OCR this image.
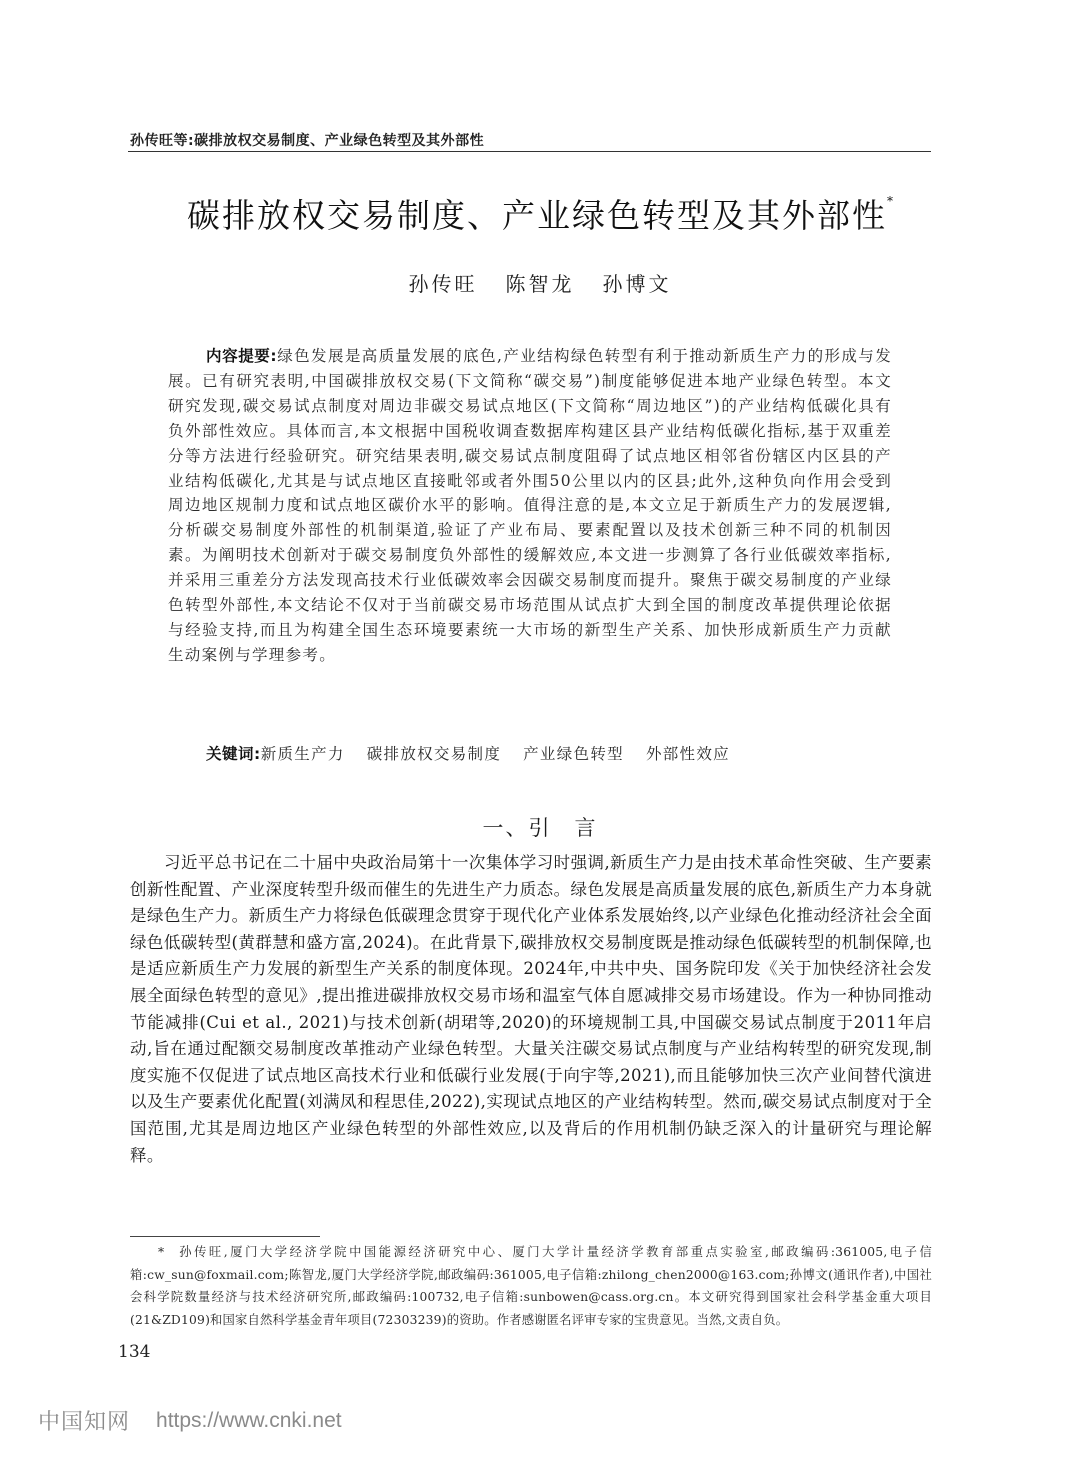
孙传旺等:碳排放权交易制度、产业绿色转型及其外部性
碳排放权交易制度、产业绿色转型及其外部性*
孙传旺 陈智龙 孙博文
内容提要:绿色发展是高质量发展的底色,产业结构绿色转型有利于推动新质生产力的形成与发展。已有研究表明,中国碳排放权交易(下文简称“碳交易”)制度能够促进本地产业绿色转型。本文研究发现,碳交易试点制度对周边非碳交易试点地区(下文简称“周边地区”)的产业结构低碳化具有负外部性效应。具体而言,本文根据中国税收调查数据库构建区县产业结构低碳化指标,基于双重差分等方法进行经验研究。研究结果表明,碳交易试点制度阻碍了试点地区相邻省份辖区内区县的产业结构低碳化,尤其是与试点地区直接毗邻或者外围50公里以内的区县;此外,这种负向作用会受到周边地区规制力度和试点地区碳价水平的影响。值得注意的是,本文立足于新质生产力的发展逻辑,分析碳交易制度外部性的机制渠道,验证了产业布局、要素配置以及技术创新三种不同的机制因素。为阐明技术创新对于碳交易制度负外部性的缓解效应,本文进一步测算了各行业低碳效率指标,并采用三重差分方法发现高技术行业低碳效率会因碳交易制度而提升。聚焦于碳交易制度的产业绿色转型外部性,本文结论不仅对于当前碳交易市场范围从试点扩大到全国的制度改革提供理论依据与经验支持,而且为构建全国生态环境要素统一大市场的新型生产关系、加快形成新质生产力贡献生动案例与学理参考。
关键词:新质生产力 碳排放权交易制度 产业绿色转型 外部性效应
一、引　言
习近平总书记在二十届中央政治局第十一次集体学习时强调,新质生产力是由技术革命性突破、生产要素创新性配置、产业深度转型升级而催生的先进生产力质态。绿色发展是高质量发展的底色,新质生产力本身就是绿色生产力。新质生产力将绿色低碳理念贯穿于现代化产业体系发展始终,以产业绿色化推动经济社会全面绿色低碳转型(黄群慧和盛方富,2024)。在此背景下,碳排放权交易制度既是推动绿色低碳转型的机制保障,也是适应新质生产力发展的新型生产关系的制度体现。2024年,中共中央、国务院印发《关于加快经济社会发展全面绿色转型的意见》,提出推进碳排放权交易市场和温室气体自愿减排交易市场建设。作为一种协同推动节能减排(Cui et al., 2021)与技术创新(胡珺等,2020)的环境规制工具,中国碳交易试点制度于2011年启动,旨在通过配额交易制度改革推动产业绿色转型。大量关注碳交易试点制度与产业结构转型的研究发现,制度实施不仅促进了试点地区高技术行业和低碳行业发展(于向宇等,2021),而且能够加快三次产业间替代演进以及生产要素优化配置(刘满凤和程思佳,2022),实现试点地区的产业结构转型。然而,碳交易试点制度对于全国范围,尤其是周边地区产业绿色转型的外部性效应,以及背后的作用机制仍缺乏深入的计量研究与理论解释。
*  孙传旺,厦门大学经济学院中国能源经济研究中心、厦门大学计量经济学教育部重点实验室,邮政编码:361005,电子信箱:cw_sun@foxmail.com;陈智龙,厦门大学经济学院,邮政编码:361005,电子信箱:zhilong_chen2000@163.com;孙博文(通讯作者),中国社会科学院数量经济与技术经济研究所,邮政编码:100732,电子信箱:sunbowen@cass.org.cn。本文研究得到国家社会科学基金重大项目(21&ZD109)和国家自然科学基金青年项目(72303239)的资助。作者感谢匿名评审专家的宝贵意见。当然,文责自负。
134
中国知网 https://www.cnki.net
